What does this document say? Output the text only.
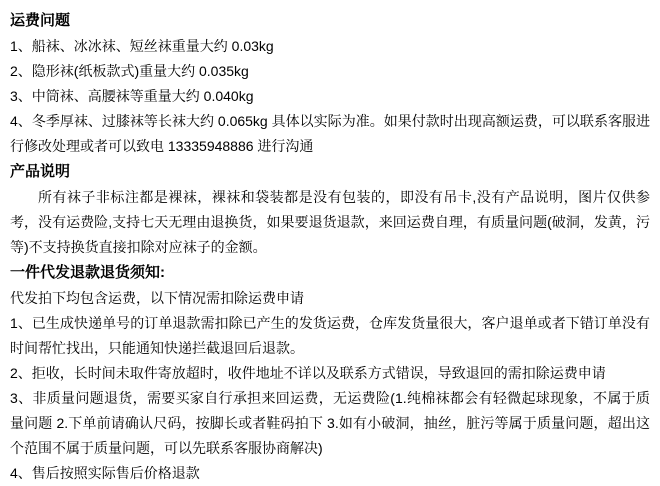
运费问题
1、船袜、冰冰袜、短丝袜重量大约 0.03kg
2、隐形袜(纸板款式)重量大约 0.035kg
3、中筒袜、高腰袜等重量大约 0.040kg
4、冬季厚袜、过膝袜等长袜大约 0.065kg 具体以实际为准。如果付款时出现高额运费，可以联系客服进行修改处理或者可以致电 13335948886 进行沟通
产品说明
所有袜子非标注都是裸袜，裸袜和袋装都是没有包装的，即没有吊卡,没有产品说明，图片仅供参考，没有运费险,支持七天无理由退换货，如果要退货退款，来回运费自理，有质量问题(破洞，发黄，污等)不支持换货直接扣除对应袜子的金额。
一件代发退款退货须知:
代发拍下均包含运费，以下情况需扣除运费申请
1、已生成快递单号的订单退款需扣除已产生的发货运费，仓库发货量很大，客户退单或者下错订单没有时间帮忙找出，只能通知快递拦截退回后退款。
2、拒收，长时间未取件寄放超时，收件地址不详以及联系方式错误，导致退回的需扣除运费申请
3、非质量问题退货，需要买家自行承担来回运费，无运费险(1.纯棉袜都会有轻微起球现象，不属于质量问题 2.下单前请确认尺码，按脚长或者鞋码拍下 3.如有小破洞，抽丝，脏污等属于质量问题，超出这个范围不属于质量问题，可以先联系客服协商解决)
4、售后按照实际售后价格退款
